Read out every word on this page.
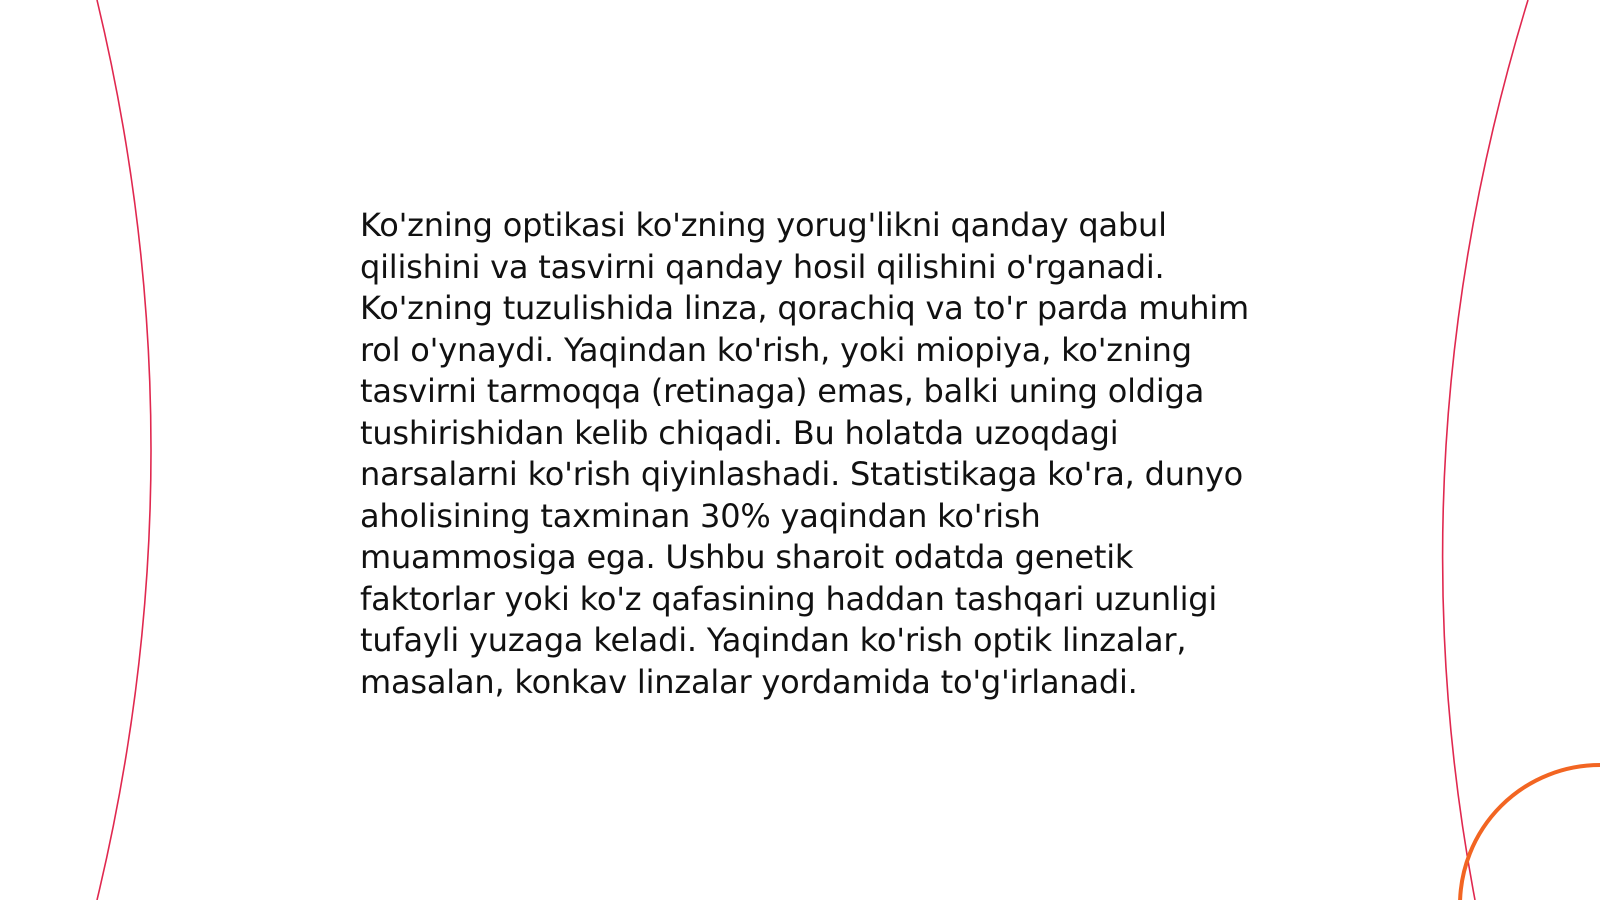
Ko'zning optikasi ko'zning yorug'likni qanday qabul qilishini va tasvirni qanday hosil qilishini o'rganadi. Ko'zning tuzulishida linza, qorachiq va to'r parda muhim rol o'ynaydi. Yaqindan ko'rish, yoki miopiya, ko'zning tasvirni tarmoqqa (retinaga) emas, balki uning oldiga tushirishidan kelib chiqadi. Bu holatda uzoqdagi narsalarni ko'rish qiyinlashadi. Statistikaga ko'ra, dunyo aholisining taxminan 30% yaqindan ko'rish muammosiga ega. Ushbu sharoit odatda genetik faktorlar yoki ko'z qafasining haddan tashqari uzunligi tufayli yuzaga keladi. Yaqindan ko'rish optik linzalar, masalan, konkav linzalar yordamida to'g'irlanadi.
